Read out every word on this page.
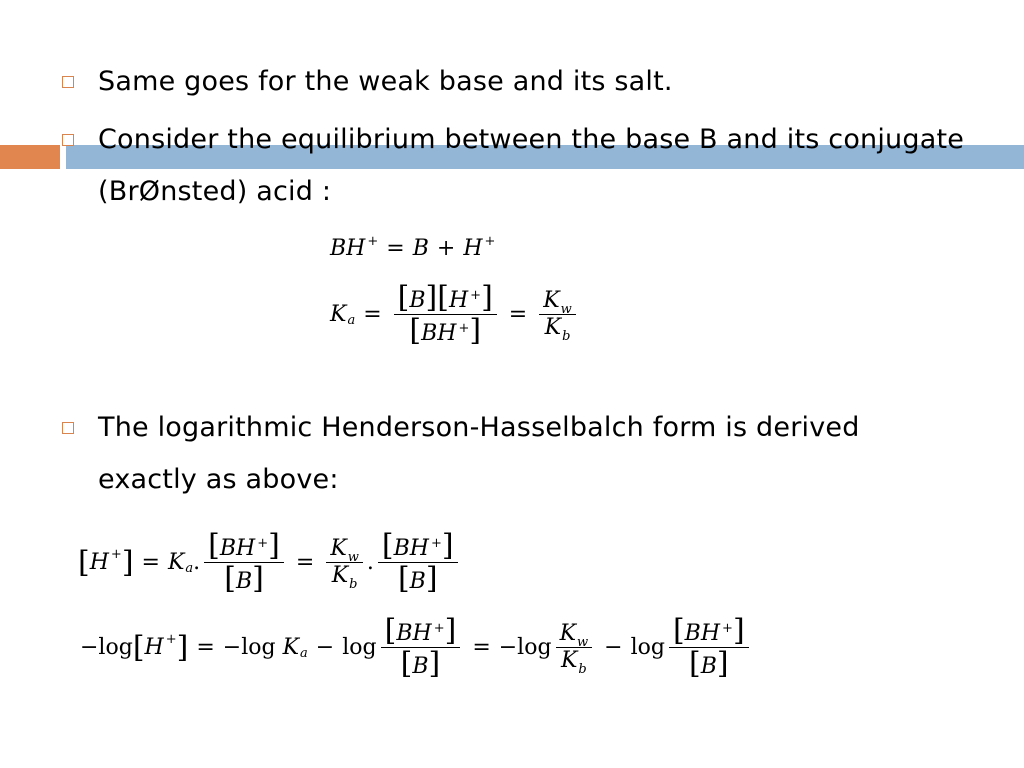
Same goes for the weak base and its salt.
Consider the equilibrium between the base B and its conjugate (BrØnsted) acid :
The logarithmic Henderson-Hasselbalch form is derived exactly as above:
BH + = B + H +
K $a = \frac{[B][H ^+]}{[BH ^+]} = \frac{K_w}{K_b}$
[ H + ] = K a . $\frac{[BH ^+]}{[B]} = \frac{K_w}{K_b}$ . $\frac{[BH ^+]}{[B]}$
−log [ H + ] = −log
K $a - \log \frac{[BH ^+]}{[B]} = -\log \frac{K_w}{K_b} - \log \frac{[BH ^+]}{[B]}$
